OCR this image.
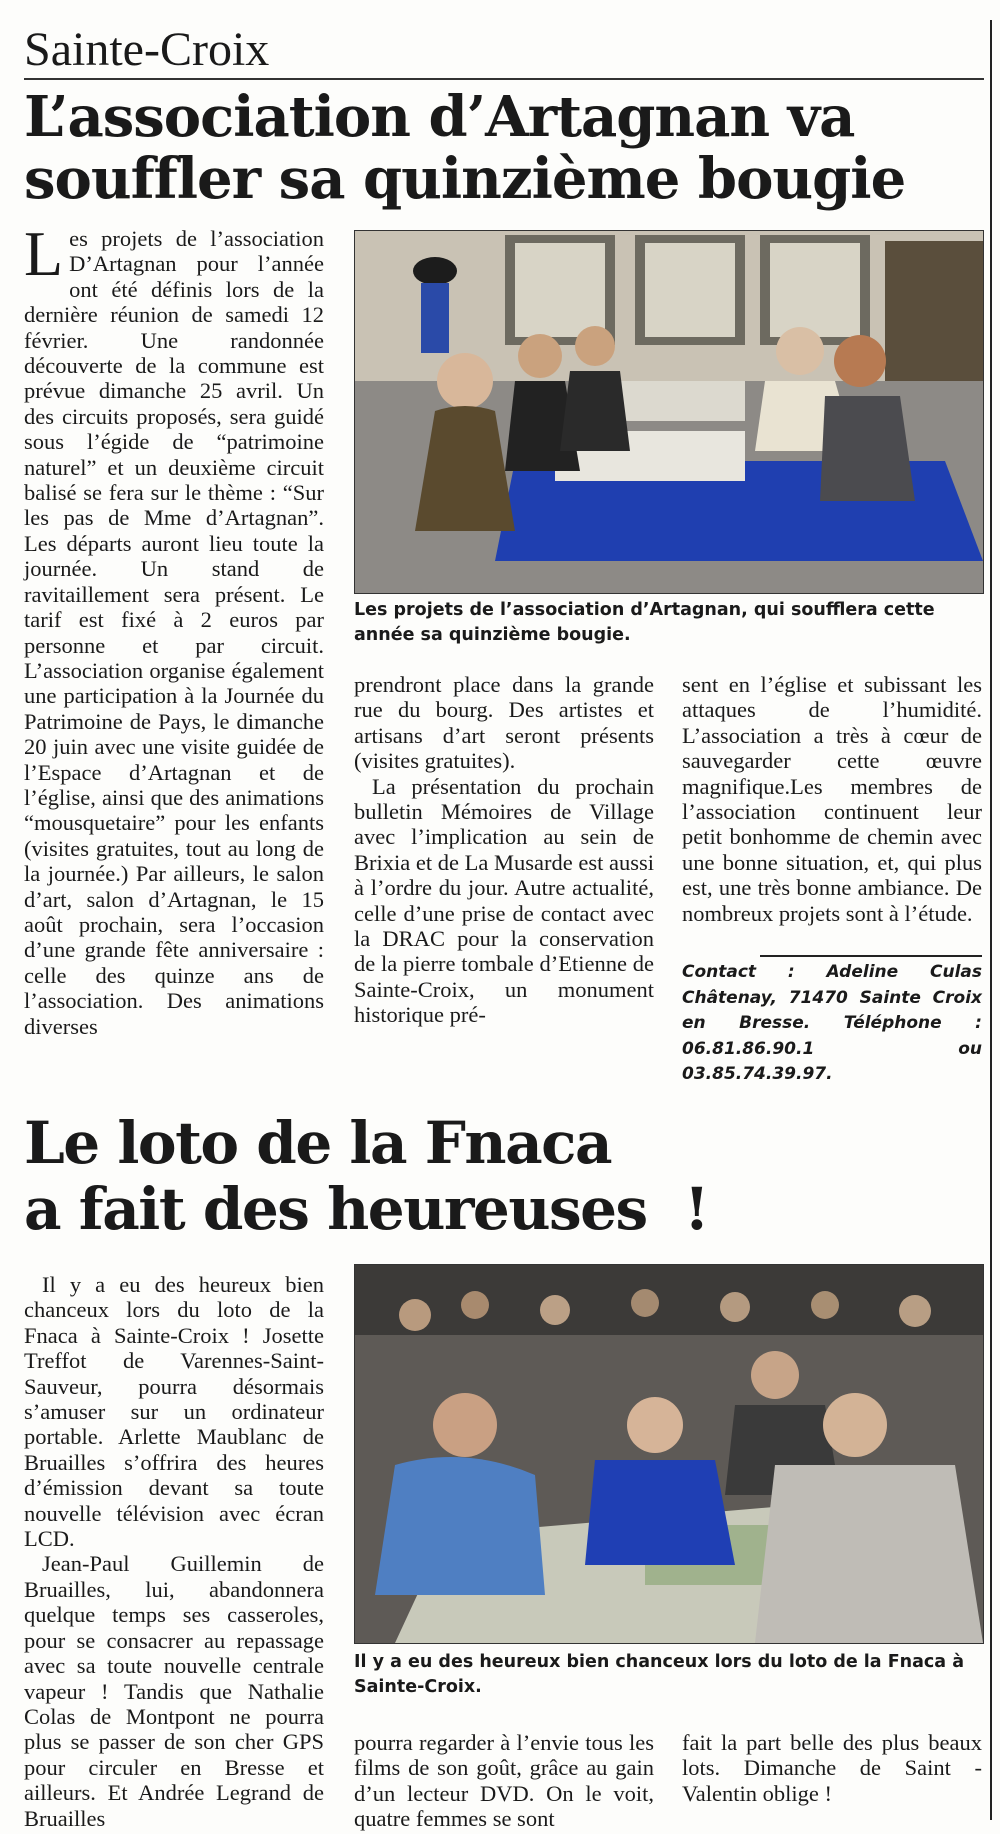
Sainte-Croix
L’association d’Artagnan va souffler sa quinzième bougie

Les projets de l’association D’Artagnan pour l’année ont été définis lors de la dernière réunion de samedi 12 février. Une randonnée découverte de la commune est prévue dimanche 25 avril. Un des circuits proposés, sera guidé sous l’égide de “patrimoine naturel” et un deuxième circuit balisé se fera sur le thème : “Sur les pas de Mme d’Artagnan”. Les départs auront lieu toute la journée. Un stand de ravitaillement sera présent. Le tarif est fixé à 2 euros par personne et par circuit. L’association organise également une participation à la Journée du Patrimoine de Pays, le dimanche 20 juin avec une visite guidée de l’Espace d’Artagnan et de l’église, ainsi que des animations “mousquetaire” pour les enfants (visites gratuites, tout au long de la journée.) Par ailleurs, le salon d’art, salon d’Artagnan, le 15 août prochain, sera l’occasion d’une grande fête anniversaire : celle des quinze ans de l’association. Des animations diverses

Les projets de l’association d’Artagnan, qui soufflera cette année sa quinzième bougie.

prendront place dans la grande rue du bourg. Des artistes et artisans d’art seront présents (visites gratuites).

La présentation du prochain bulletin Mémoires de Village avec l’implication au sein de Brixia et de La Musarde est aussi à l’ordre du jour. Autre actualité, celle d’une prise de contact avec la DRAC pour la conservation de la pierre tombale d’Etienne de Sainte-Croix, un monument historique pré-

sent en l’église et subissant les attaques de l’humidité. L’association a très à cœur de sauvegarder cette œuvre magnifique.Les membres de l’association continuent leur petit bonhomme de chemin avec une bonne situation, et, qui plus est, une très bonne ambiance. De nombreux projets sont à l’étude.

Contact : Adeline Culas Châtenay, 71470 Sainte Croix en Bresse. Téléphone : 06.81.86.90.1 ou 03.85.74.39.97.
Le loto de la Fnaca
a fait des heureuses  !

Il y a eu des heureux bien chanceux lors du loto de la Fnaca à Sainte-Croix ! Josette Treffot de Varennes-Saint-Sauveur, pourra désormais s’amuser sur un ordinateur portable. Arlette Maublanc de Bruailles s’offrira des heures d’émission devant sa toute nouvelle télévision avec écran LCD.

Jean-Paul Guillemin de Bruailles, lui, abandonnera quelque temps ses casseroles, pour se consacrer au repassage avec sa toute nouvelle centrale vapeur ! Tandis que Nathalie Colas de Montpont ne pourra plus se passer de son cher GPS pour circuler en Bresse et ailleurs. Et Andrée Legrand de Bruailles

Il y a eu des heureux bien chanceux lors du loto de la Fnaca à Sainte-Croix.

pourra regarder à l’envie tous les films de son goût, grâce au gain d’un lecteur DVD. On le voit, quatre femmes se sont

fait la part belle des plus beaux lots. Dimanche de Saint -Valentin oblige !
